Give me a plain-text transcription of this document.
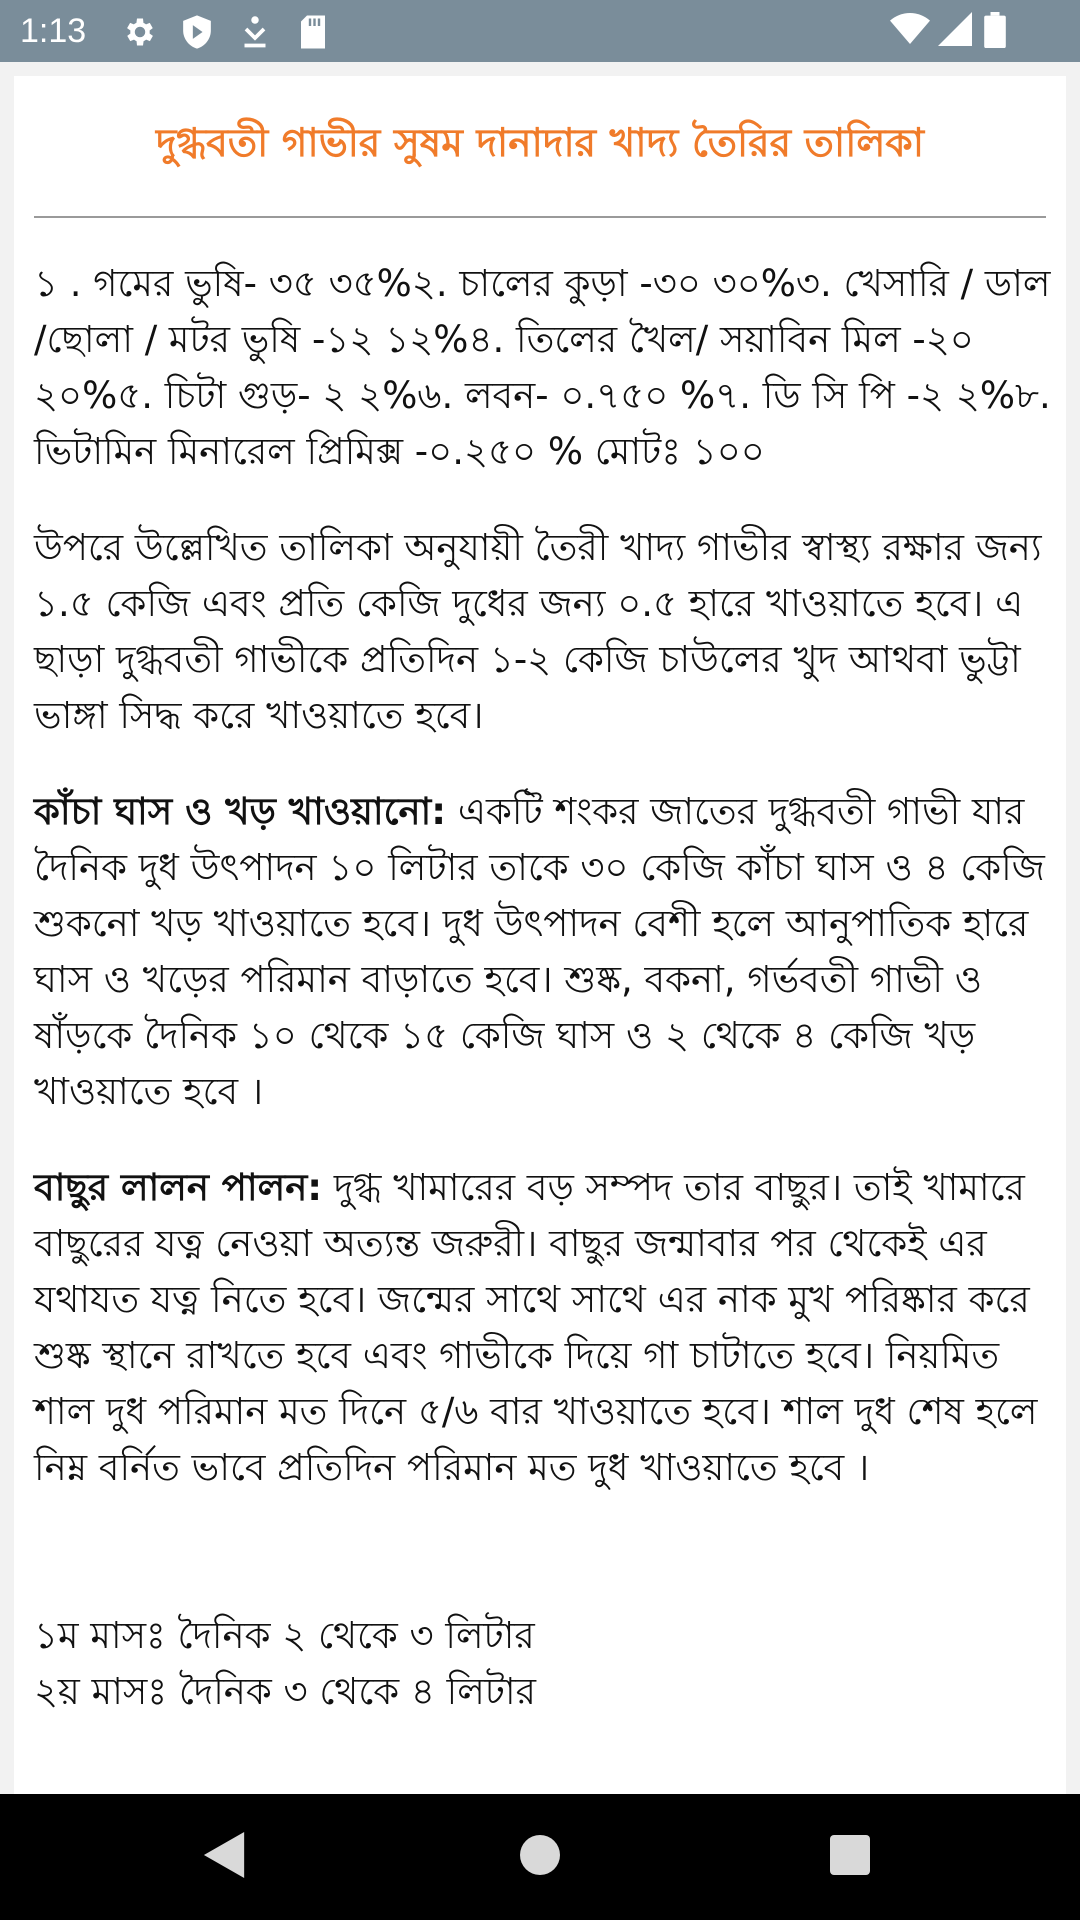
1:13
দুগ্ধবতী গাভীর সুষম দানাদার খাদ্য তৈরির তালিকা

১ . গমের ভুষি- ৩৫ ৩৫%২. চালের কুড়া -৩০ ৩০%৩. খেসারি / ডাল /ছোলা / মটর ভুষি -১২ ১২%৪. তিলের খৈল/ সয়াবিন মিল -২০ ২০%৫. চিটা গুড়- ২ ২%৬. লবন- ০.৭৫০ %৭. ডি সি পি -২ ২%৮. ভিটামিন মিনারেল প্রিমিক্স -০.২৫০ % মোটঃ ১০০

উপরে উল্লেখিত তালিকা অনুযায়ী তৈরী খাদ্য গাভীর স্বাস্থ্য রক্ষার জন্য ১.৫ কেজি এবং প্রতি কেজি দুধের জন্য ০.৫ হারে খাওয়াতে হবে। এ ছাড়া দুগ্ধবতী গাভীকে প্রতিদিন ১-২ কেজি চাউলের খুদ আথবা ভুট্টা ভাঙ্গা সিদ্ধ করে খাওয়াতে হবে।

কাঁচা ঘাস ও খড় খাওয়ানো: একটি শংকর জাতের দুগ্ধবতী গাভী যার দৈনিক দুধ উৎপাদন ১০ লিটার তাকে ৩০ কেজি কাঁচা ঘাস ও ৪ কেজি শুকনো খড় খাওয়াতে হবে। দুধ উৎপাদন বেশী হলে আনুপাতিক হারে ঘাস ও খড়ের পরিমান বাড়াতে হবে। শুষ্ক, বকনা, গর্ভবতী গাভী ও ষাঁড়কে দৈনিক ১০ থেকে ১৫ কেজি ঘাস ও ২ থেকে ৪ কেজি খড় খাওয়াতে হবে ।

বাছুর লালন পালন: দুগ্ধ খামারের বড় সম্পদ তার বাছুর। তাই খামারে বাছুরের যত্ন নেওয়া অত্যন্ত জরুরী। বাছুর জন্মাবার পর থেকেই এর যথাযত যত্ন নিতে হবে। জন্মের সাথে সাথে এর নাক মুখ পরিষ্কার করে শুষ্ক স্থানে রাখতে হবে এবং গাভীকে দিয়ে গা চাটাতে হবে। নিয়মিত শাল দুধ পরিমান মত দিনে ৫/৬ বার খাওয়াতে হবে। শাল দুধ শেষ হলে নিম্ন বর্নিত ভাবে প্রতিদিন পরিমান মত দুধ খাওয়াতে হবে ।

১ম মাসঃ দৈনিক ২ থেকে ৩ লিটার

২য় মাসঃ দৈনিক ৩ থেকে ৪ লিটার
